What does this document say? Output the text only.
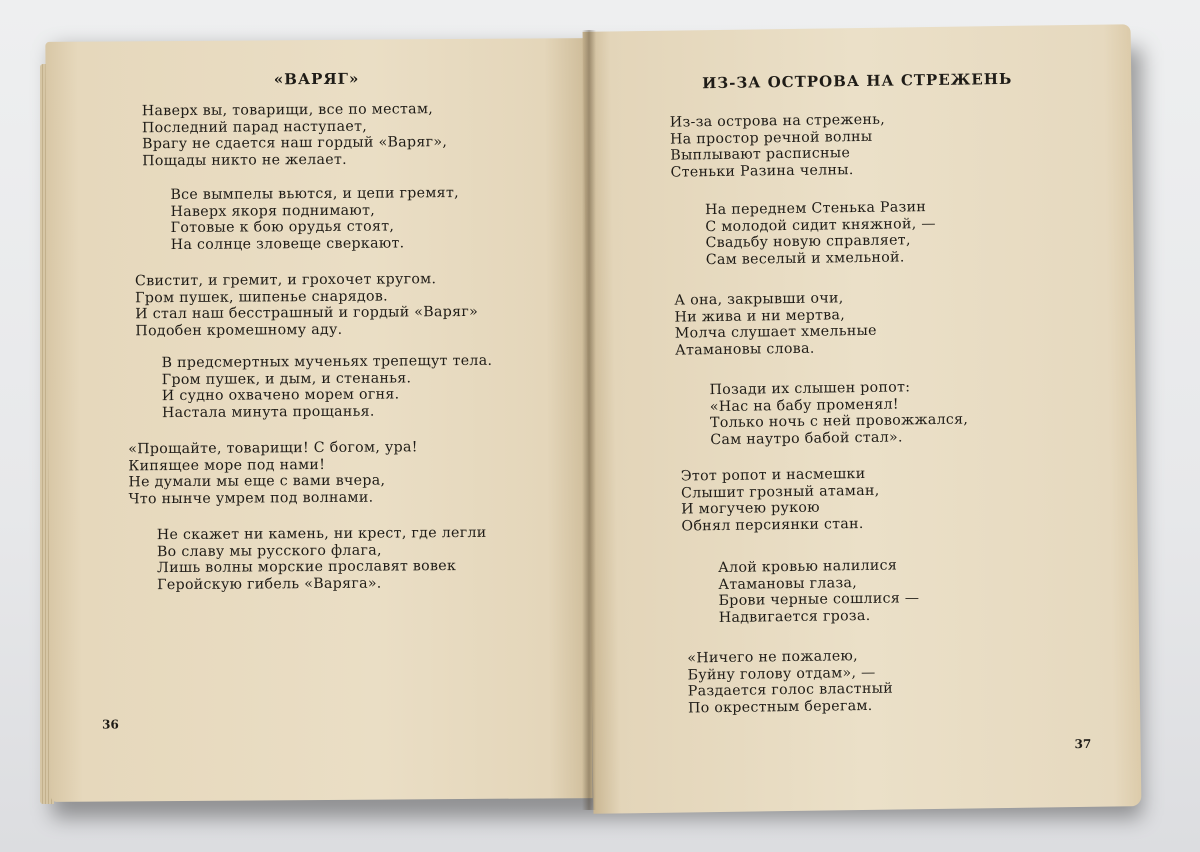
«ВАРЯГ»
Наверх вы, товарищи, все по местам,
Последний парад наступает,
Врагу не сдается наш гордый «Варяг»,
Пощады никто не желает.
Все вымпелы вьются, и цепи гремят,
Наверх якоря поднимают,
Готовые к бою орудья стоят,
На солнце зловеще сверкают.
Свистит, и гремит, и грохочет кругом.
Гром пушек, шипенье снарядов.
И стал наш бесстрашный и гордый «Варяг»
Подобен кромешному аду.
В предсмертных мученьях трепещут тела.
Гром пушек, и дым, и стенанья.
И судно охвачено морем огня.
Настала минута прощанья.
«Прощайте, товарищи! С богом, ура!
Кипящее море под нами!
Не думали мы еще с вами вчера,
Что нынче умрем под волнами.
Не скажет ни камень, ни крест, где легли
Во славу мы русского флага,
Лишь волны морские прославят вовек
Геройскую гибель «Варяга».
36
ИЗ-ЗА ОСТРОВА НА СТРЕЖЕНЬ
Из-за острова на стрежень,
На простор речной волны
Выплывают расписные
Стеньки Разина челны.
На переднем Стенька Разин
С молодой сидит княжной, —
Свадьбу новую справляет,
Сам веселый и хмельной.
А она, закрывши очи,
Ни жива и ни мертва,
Молча слушает хмельные
Атамановы слова.
Позади их слышен ропот:
«Нас на бабу променял!
Только ночь с ней провожжался,
Сам наутро бабой стал».
Этот ропот и насмешки
Слышит грозный атаман,
И могучею рукою
Обнял персиянки стан.
Алой кровью налилися
Атамановы глаза,
Брови черные сошлися —
Надвигается гроза.
«Ничего не пожалею,
Буйну голову отдам», —
Раздается голос властный
По окрестным берегам.
37
